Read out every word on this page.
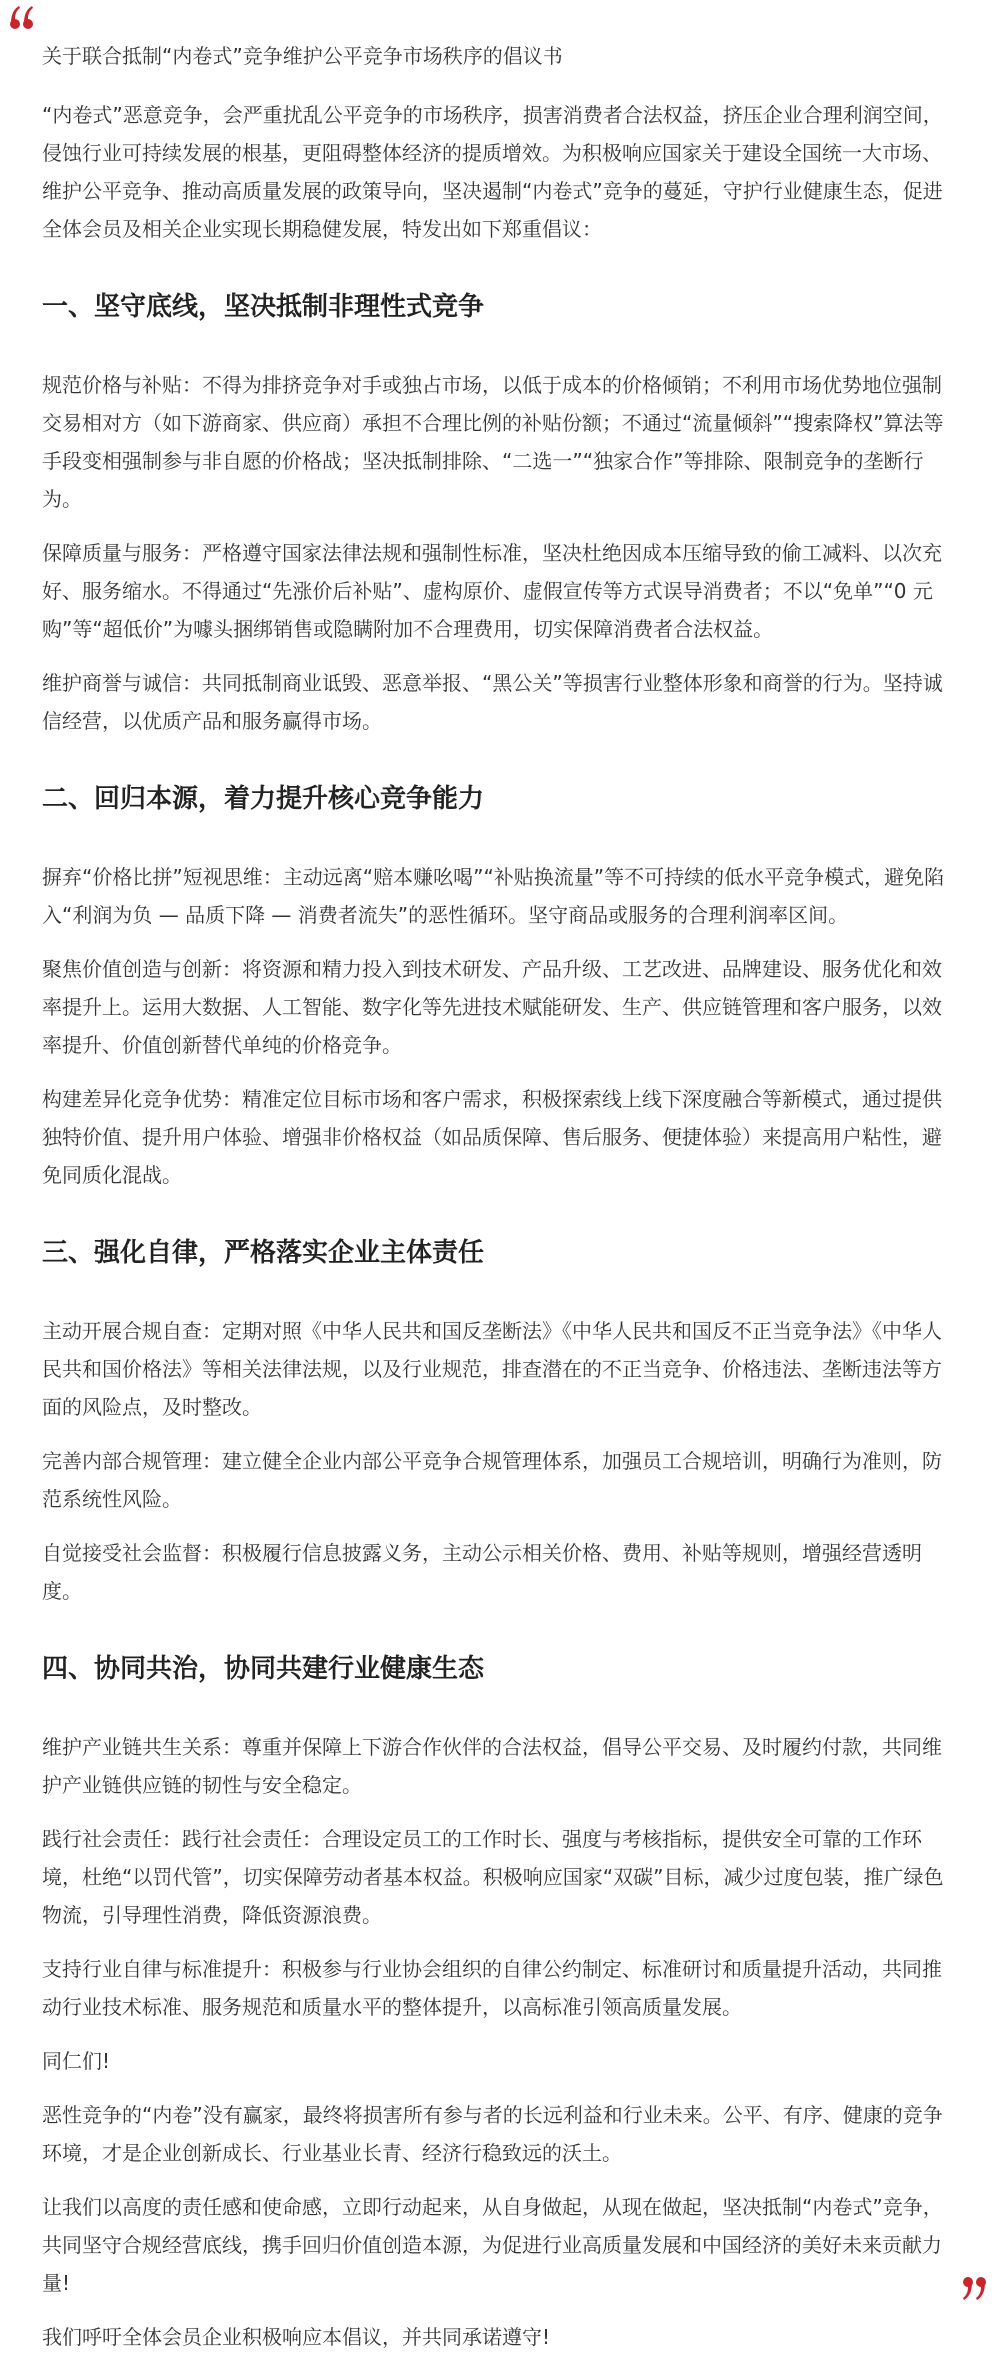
关于联合抵制“内卷式”竞争维护公平竞争市场秩序的倡议书

“内卷式”恶意竞争，会严重扰乱公平竞争的市场秩序，损害消费者合法权益，挤压企业合理利润空间，侵蚀行业可持续发展的根基，更阻碍整体经济的提质增效。为积极响应国家关于建设全国统一大市场、维护公平竞争、推动高质量发展的政策导向，坚决遏制“内卷式”竞争的蔓延，守护行业健康生态，促进全体会员及相关企业实现长期稳健发展，特发出如下郑重倡议：

一、坚守底线，坚决抵制非理性式竞争

规范价格与补贴：不得为排挤竞争对手或独占市场，以低于成本的价格倾销；不利用市场优势地位强制交易相对方（如下游商家、供应商）承担不合理比例的补贴份额；不通过“流量倾斜”“搜索降权”算法等手段变相强制参与非自愿的价格战；坚决抵制排除、“二选一”“独家合作”等排除、限制竞争的垄断行为。

保障质量与服务：严格遵守国家法律法规和强制性标准，坚决杜绝因成本压缩导致的偷工减料、以次充好、服务缩水。不得通过“先涨价后补贴”、虚构原价、虚假宣传等方式误导消费者；不以“免单”“0 元购”等“超低价”为噱头捆绑销售或隐瞒附加不合理费用，切实保障消费者合法权益。

维护商誉与诚信：共同抵制商业诋毁、恶意举报、“黑公关”等损害行业整体形象和商誉的行为。坚持诚信经营，以优质产品和服务赢得市场。

二、回归本源，着力提升核心竞争能力

摒弃“价格比拼”短视思维：主动远离“赔本赚吆喝”“补贴换流量”等不可持续的低水平竞争模式，避免陷入“利润为负 — 品质下降 — 消费者流失”的恶性循环。坚守商品或服务的合理利润率区间。

聚焦价值创造与创新：将资源和精力投入到技术研发、产品升级、工艺改进、品牌建设、服务优化和效率提升上。运用大数据、人工智能、数字化等先进技术赋能研发、生产、供应链管理和客户服务，以效率提升、价值创新替代单纯的价格竞争。

构建差异化竞争优势：精准定位目标市场和客户需求，积极探索线上线下深度融合等新模式，通过提供独特价值、提升用户体验、增强非价格权益（如品质保障、售后服务、便捷体验）来提高用户粘性，避免同质化混战。

三、强化自律，严格落实企业主体责任

主动开展合规自查：定期对照《中华人民共和国反垄断法》《中华人民共和国反不正当竞争法》《中华人民共和国价格法》等相关法律法规，以及行业规范，排查潜在的不正当竞争、价格违法、垄断违法等方面的风险点，及时整改。

完善内部合规管理：建立健全企业内部公平竞争合规管理体系，加强员工合规培训，明确行为准则，防范系统性风险。

自觉接受社会监督：积极履行信息披露义务，主动公示相关价格、费用、补贴等规则，增强经营透明度。

四、协同共治，协同共建行业健康生态

维护产业链共生关系：尊重并保障上下游合作伙伴的合法权益，倡导公平交易、及时履约付款，共同维护产业链供应链的韧性与安全稳定。

践行社会责任：践行社会责任：合理设定员工的工作时长、强度与考核指标，提供安全可靠的工作环境，杜绝“以罚代管”，切实保障劳动者基本权益。积极响应国家“双碳”目标，减少过度包装，推广绿色物流，引导理性消费，降低资源浪费。

支持行业自律与标准提升：积极参与行业协会组织的自律公约制定、标准研讨和质量提升活动，共同推动行业技术标准、服务规范和质量水平的整体提升，以高标准引领高质量发展。

同仁们!

恶性竞争的“内卷”没有赢家，最终将损害所有参与者的长远利益和行业未来。公平、有序、健康的竞争环境，才是企业创新成长、行业基业长青、经济行稳致远的沃土。

让我们以高度的责任感和使命感，立即行动起来，从自身做起，从现在做起，坚决抵制“内卷式”竞争，共同坚守合规经营底线，携手回归价值创造本源，为促进行业高质量发展和中国经济的美好未来贡献力量!

我们呼吁全体会员企业积极响应本倡议，并共同承诺遵守!
